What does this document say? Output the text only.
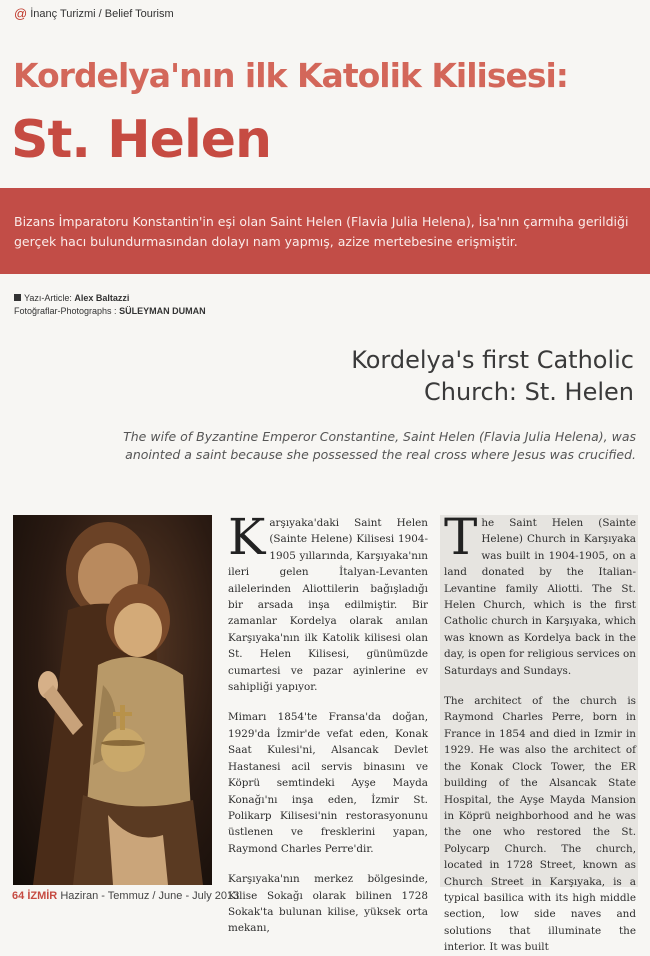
@ İnanç Turizmi / Belief Tourism
Kordelya'nın ilk Katolik Kilisesi:
St. Helen

Bizans İmparatoru Konstantin'in eşi olan Saint Helen (Flavia Julia Helena), İsa'nın çarmıha gerildiği gerçek hacı bulundurmasından dolayı nam yapmış, azize mertebesine erişmiştir.

Yazı-Article: Alex Baltazzi
Fotoğraflar-Photographs : SÜLEYMAN DUMAN
Kordelya's first Catholic Church: St. Helen
The wife of Byzantine Emperor Constantine, Saint Helen (Flavia Julia Helena), was anointed a saint because she possessed the real cross where Jesus was crucified.

Karşıyaka'daki Saint Helen (Sainte Helene) Kilisesi 1904-1905 yıllarında, Karşıyaka'nın ileri gelen İtalyan-Levanten ailelerinden Aliottilerin bağışladığı bir arsada inşa edilmiştir. Bir zamanlar Kordelya olarak anılan Karşıyaka'nın ilk Katolik kilisesi olan St. Helen Kilisesi, günümüzde cumartesi ve pazar ayinlerine ev sahipliği yapıyor.

Mimarı 1854'te Fransa'da doğan, 1929'da İzmir'de vefat eden, Konak Saat Kulesi'ni, Alsancak Devlet Hastanesi acil servis binasını ve Köprü semtindeki Ayşe Mayda Konağı'nı inşa eden, İzmir St. Polikarp Kilisesi'nin restorasyonunu üstlenen ve fresklerini yapan, Raymond Charles Perre'dir.

Karşıyaka'nın merkez bölgesinde, Kilise Sokağı olarak bilinen 1728 Sokak'ta bulunan kilise, yüksek orta mekanı,

The Saint Helen (Sainte Helene) Church in Karşıyaka was built in 1904-1905, on a land donated by the Italian- Levantine family Aliotti. The St. Helen Church, which is the first Catholic church in Karşıyaka, which was known as Kordelya back in the day, is open for religious services on Saturdays and Sundays.

The architect of the church is Raymond Charles Perre, born in France in 1854 and died in Izmir in 1929. He was also the architect of the Konak Clock Tower, the ER building of the Alsancak State Hospital, the Ayşe Mayda Mansion in Köprü neighborhood and he was the one who restored the St. Polycarp Church. The church, located in 1728 Street, known as Church Street in Karşıyaka, is a typical basilica with its high middle section, low side naves and solutions that illuminate the interior. It was built

64 İZMİR Haziran - Temmuz / June - July 2013
